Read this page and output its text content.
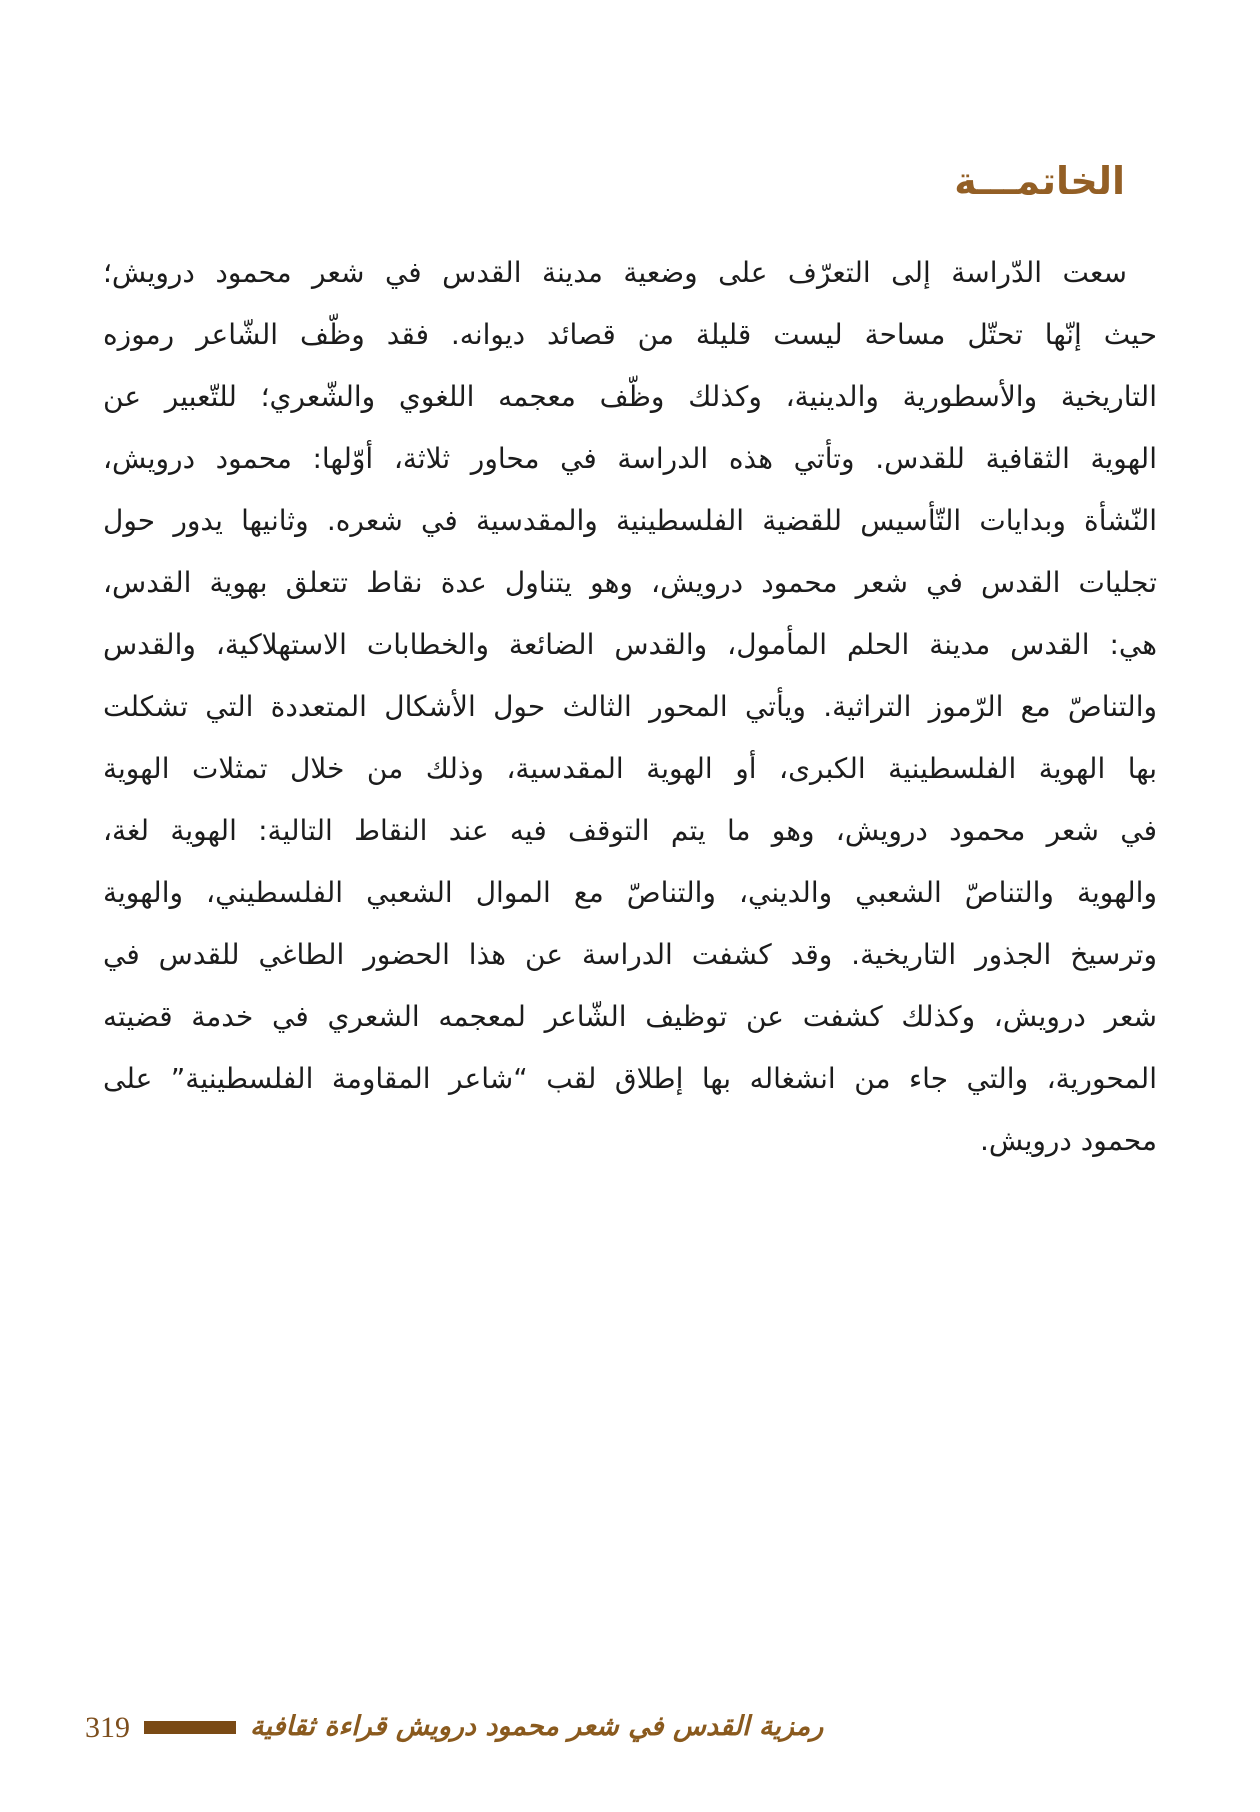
الخاتمـــة
سعت الدّراسة إلى التعرّف على وضعية مدينة القدس في شعر محمود درويش؛
حيث إنّها تحتّل مساحة ليست قليلة من قصائد ديوانه. فقد وظّف الشّاعر رموزه
التاريخية والأسطورية والدينية، وكذلك وظّف معجمه اللغوي والشّعري؛ للتّعبير عن
الهوية الثقافية للقدس. وتأتي هذه الدراسة في محاور ثلاثة، أوّلها: محمود درويش،
النّشأة وبدايات التّأسيس للقضية الفلسطينية والمقدسية في شعره. وثانيها يدور حول
تجليات القدس في شعر محمود درويش، وهو يتناول عدة نقاط تتعلق بهوية القدس،
هي: القدس مدينة الحلم المأمول، والقدس الضائعة والخطابات الاستهلاكية، والقدس
والتناصّ مع الرّموز التراثية. ويأتي المحور الثالث حول الأشكال المتعددة التي تشكلت
بها الهوية الفلسطينية الكبرى، أو الهوية المقدسية، وذلك من خلال تمثلات الهوية
في شعر محمود درويش، وهو ما يتم التوقف فيه عند النقاط التالية: الهوية لغة،
والهوية والتناصّ الشعبي والديني، والتناصّ مع الموال الشعبي الفلسطيني، والهوية
وترسيخ الجذور التاريخية. وقد كشفت الدراسة عن هذا الحضور الطاغي للقدس في
شعر درويش، وكذلك كشفت عن توظيف الشّاعر لمعجمه الشعري في خدمة قضيته
المحورية، والتي جاء من انشغاله بها إطلاق لقب “شاعر المقاومة الفلسطينية” على
محمود درويش.
رمزية القدس في شعر محمود درويش قراءة ثقافية319
